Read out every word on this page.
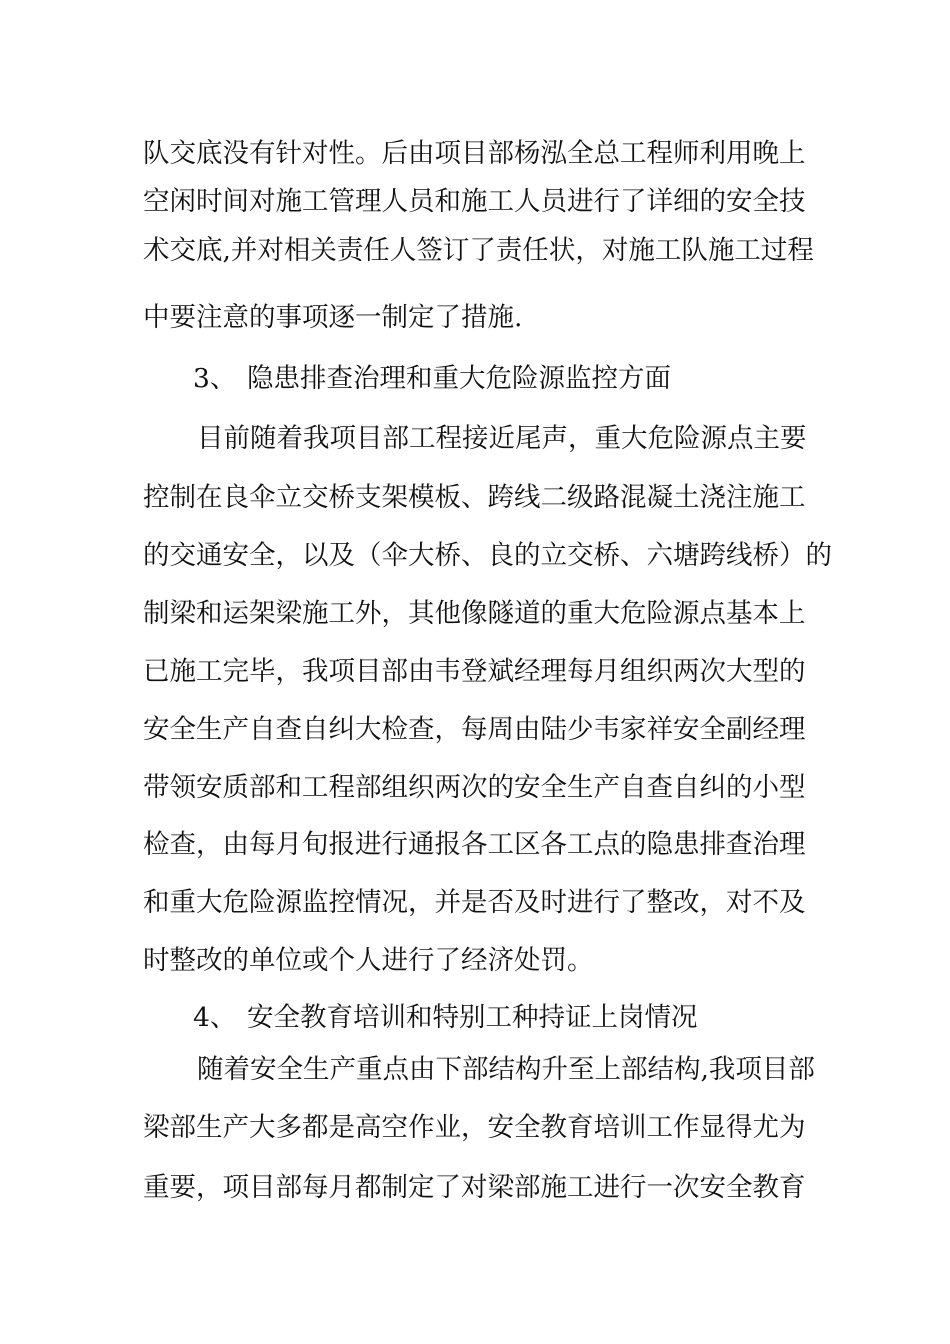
队交底没有针对性。后由项目部杨泓全总工程师利用晚上
空闲时间对施工管理人员和施工人员进行了详细的安全技
术交底,并对相关责任人签订了责任状，对施工队施工过程
中要注意的事项逐一制定了措施.
3、 隐患排查治理和重大危险源监控方面
目前随着我项目部工程接近尾声，重大危险源点主要
控制在良伞立交桥支架模板、跨线二级路混凝土浇注施工
的交通安全，以及（伞大桥、良的立交桥、六塘跨线桥）的
制梁和运架梁施工外，其他像隧道的重大危险源点基本上
已施工完毕，我项目部由韦登斌经理每月组织两次大型的
安全生产自查自纠大检查，每周由陆少韦家祥安全副经理
带领安质部和工程部组织两次的安全生产自查自纠的小型
检查，由每月旬报进行通报各工区各工点的隐患排查治理
和重大危险源监控情况，并是否及时进行了整改，对不及
时整改的单位或个人进行了经济处罚。
4、 安全教育培训和特别工种持证上岗情况
随着安全生产重点由下部结构升至上部结构,我项目部
梁部生产大多都是高空作业，安全教育培训工作显得尤为
重要，项目部每月都制定了对梁部施工进行一次安全教育
